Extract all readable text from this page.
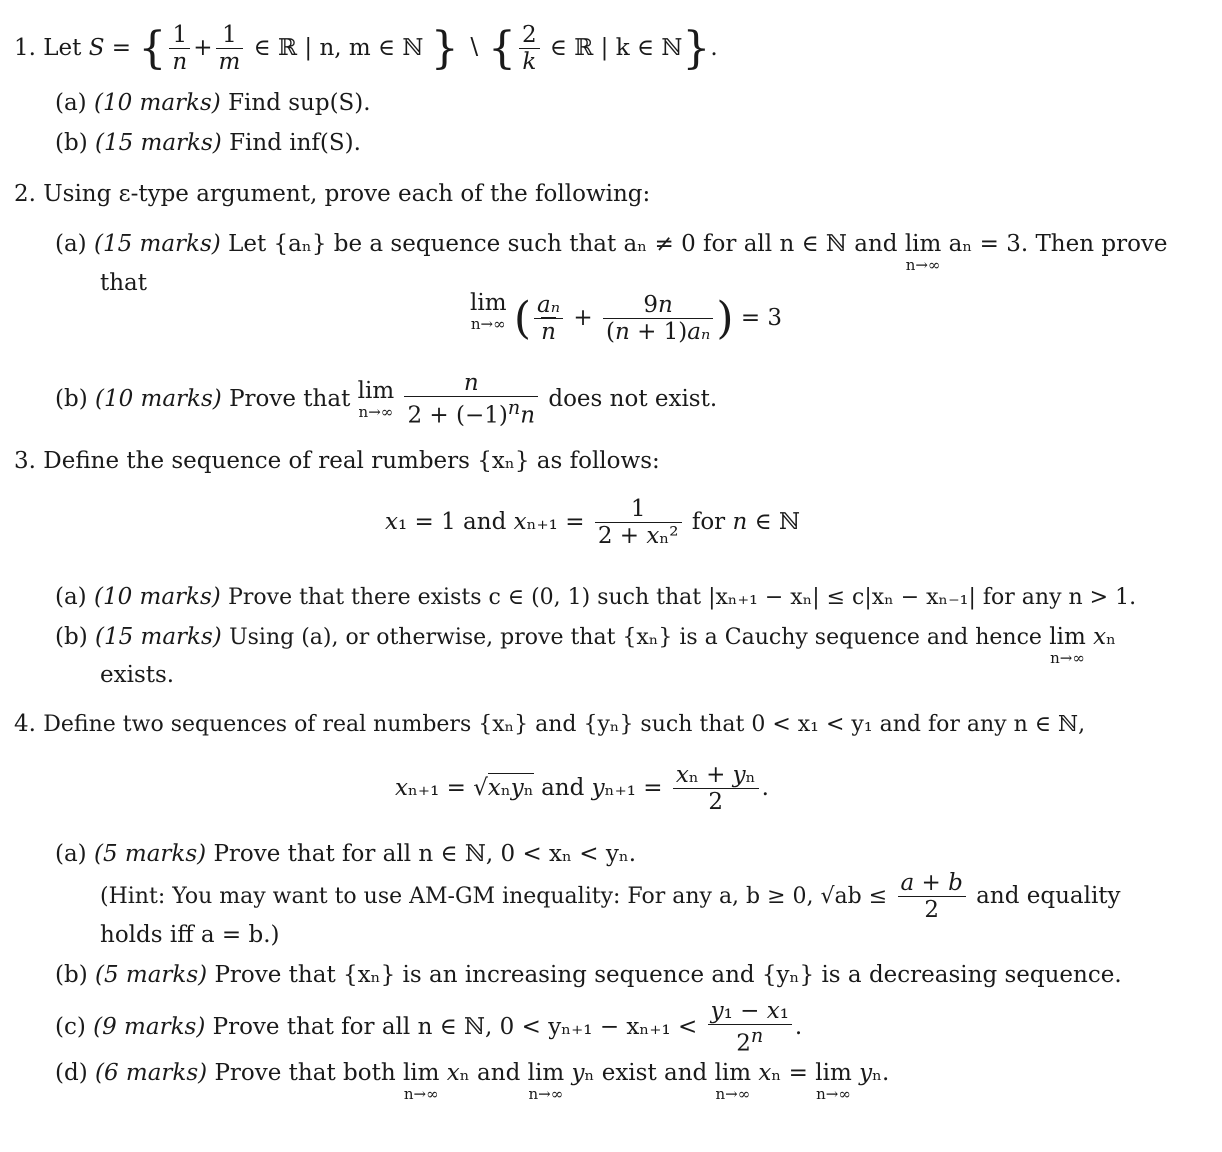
1. Let S = { $\frac{1}{n} + \frac{1}{m}$ ∈ ℝ | n, m ∈ ℕ } ∖ { $\frac{2}{k}$ ∈ ℝ | k ∈ ℕ}.
(a) (10 marks) Find sup(S).
(b) (15 marks) Find inf(S).
2. Using ε-type argument, prove each of the following:
(a) (15 marks) Let {aₙ} be a sequence such that aₙ ≠ 0 for all n ∈ ℕ and lim
n→∞
aₙ = 3. Then prove
that
lim
n→∞ ( $\frac{\text{aₙ}}{n} + \frac{9n}{\text{(n + 1)aₙ}}$ ) = 3
(b) (10 marks) Prove that lim
n→∞
$\frac{n}{2 + (-1)^nn}$ does not exist.
3. Define the sequence of real rumbers {xₙ} as follows:
x₁ = 1 and $x_{n+1} = \frac{1}{\text{2 + xₙ²}}$ for n ∈ ℕ
(a) (10 marks) Prove that there exists c ∈ (0, 1) such that |xₙ₊₁ − xₙ| ≤ c|xₙ − xₙ₋₁| for any n > 1.
(b) (15 marks) Using (a), or otherwise, prove that {xₙ} is a Cauchy sequence and hence lim
n→∞
xₙ
exists.
4. Define two sequences of real numbers {xₙ} and {yₙ} such that 0 < x₁ < y₁ and for any n ∈ ℕ,
xₙ₊₁ = √xₙyₙ and $y_{n+1} = \frac{\text{xₙ + yₙ}}{2}$ .
(a) (5 marks) Prove that for all n ∈ ℕ, 0 < xₙ < yₙ.
(Hint: You may want to use AM-GM inequality: For any a, b ≥ 0, $√ab \le \frac{a + b}{2}$ and equality
holds iff a = b.)
(b) (5 marks) Prove that {xₙ} is an increasing sequence and {yₙ} is a decreasing sequence.
(c) (9 marks) Prove that for all n ∈ ℕ, $0 < y_{n+1} - x_{n+1} < \frac{\text{y₁ − x₁}}{2^n}$ .
(d) (6 marks) Prove that both lim
n→∞
xₙ and lim
n→∞
yₙ exist and lim
n→∞
xₙ = lim
n→∞
yₙ.
